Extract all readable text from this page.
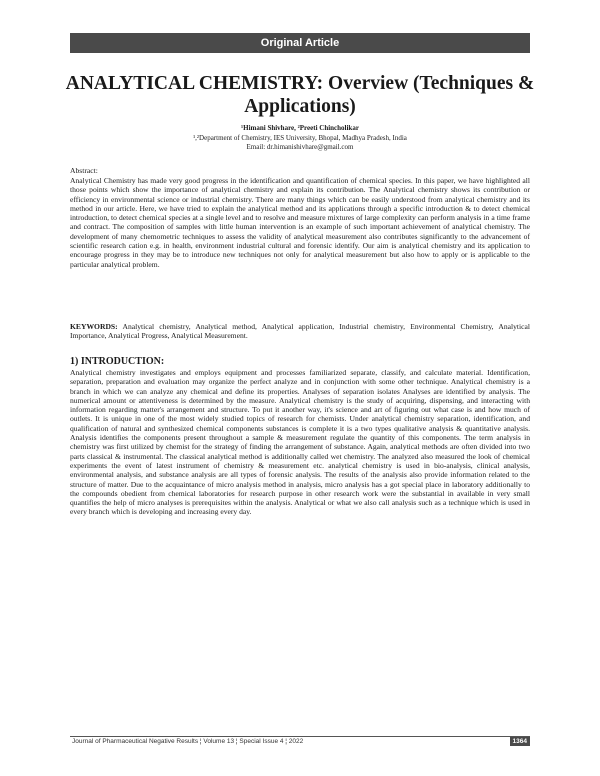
Original Article
ANALYTICAL CHEMISTRY: Overview (Techniques & Applications)
¹Himani Shivhare, ²Preeti Chincholikar
¹,²Department of Chemistry, IES University, Bhopal, Madhya Pradesh, India
Email: dr.himanishivhare@gmail.com
Abstract:
Analytical Chemistry has made very good progress in the identification and quantification of chemical species. In this paper, we have highlighted all those points which show the importance of analytical chemistry and explain its contribution. The Analytical chemistry shows its contribution or efficiency in environmental science or industrial chemistry. There are many things which can be easily understood from analytical chemistry and its method in our article. Here, we have tried to explain the analytical method and its applications through a specific introduction & to detect chemical introduction, to detect chemical species at a single level and to resolve and measure mixtures of large complexity can perform analysis in a time frame and contract. The composition of samples with little human intervention is an example of such important achievement of analytical chemistry. The development of many chemometric techniques to assess the validity of analytical measurement also contributes significantly to the advancement of scientific research cation e.g. in health, environment industrial cultural and forensic identify. Our aim is analytical chemistry and its application to encourage progress in they may be to introduce new techniques not only for analytical measurement but also how to apply or is applicable to the particular analytical problem.
KEYWORDS: Analytical chemistry, Analytical method, Analytical application, Industrial chemistry, Environmental Chemistry, Analytical Importance, Analytical Progress, Analytical Measurement.
1) INTRODUCTION:
Analytical chemistry investigates and employs equipment and processes familiarized separate, classify, and calculate material. Identification, separation, preparation and evaluation may organize the perfect analyze and in conjunction with some other technique. Analytical chemistry is a branch in which we can analyze any chemical and define its properties. Analyses of separation isolates Analyses are identified by analysis. The numerical amount or attentiveness is determined by the measure. Analytical chemistry is the study of acquiring, dispensing, and interacting with information regarding matter's arrangement and structure. To put it another way, it's science and art of figuring out what case is and how much of outlets. It is unique in one of the most widely studied topics of research for chemists. Under analytical chemistry separation, identification, and qualification of natural and synthesized chemical components substances is complete it is a two types qualitative analysis & quantitative analysis. Analysis identifies the components present throughout a sample & measurement regulate the quantity of this components. The term analysis in chemistry was first utilized by chemist for the strategy of finding the arrangement of substance. Again, analytical methods are often divided into two parts classical & instrumental. The classical analytical method is additionally called wet chemistry. The analyzed also measured the look of chemical experiments the event of latest instrument of chemistry & measurement etc. analytical chemistry is used in bio-analysis, clinical analysis, environmental analysis, and substance analysis are all types of forensic analysis. The results of the analysis also provide information related to the structure of matter. Due to the acquaintance of micro analysis method in analysis, micro analysis has a got special place in laboratory additionally to the compounds obedient from chemical laboratories for research purpose in other research work were the substantial in available in very small quantifies the help of micro analyses is prerequisites within the analysis. Analytical or what we also call analysis such as a technique which is used in every branch which is developing and increasing every day.
Journal of Pharmaceutical Negative Results ¦ Volume 13 ¦ Special Issue 4 ¦ 2022	1364
